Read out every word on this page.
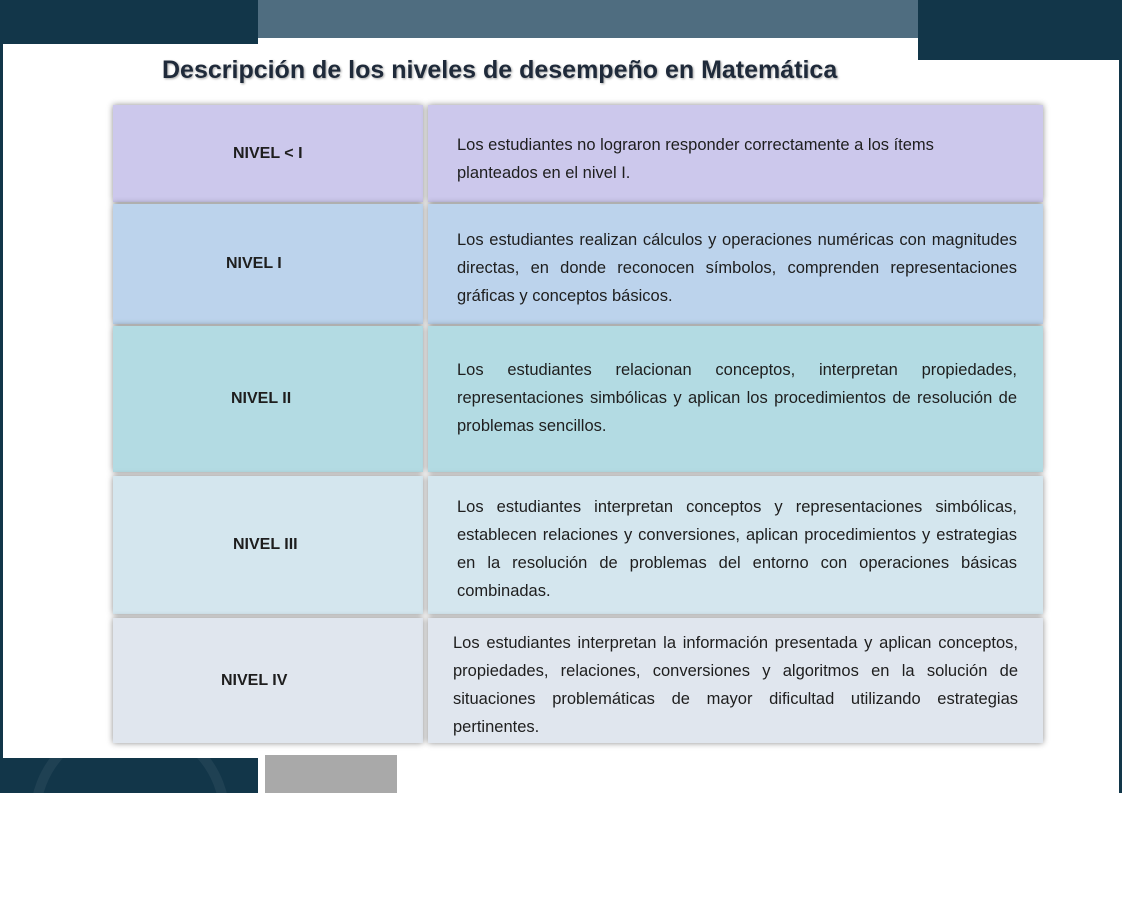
Descripción de los niveles de desempeño en Matemática
NIVEL < I	Los estudiantes no lograron responder correctamente a los ítems planteados en el nivel I.
NIVEL I
Los estudiantes realizan cálculos y operaciones numéricas con magnitudes directas, en donde reconocen símbolos, comprenden representaciones gráficas y conceptos básicos.
NIVEL II
Los estudiantes relacionan conceptos, interpretan propiedades, representaciones simbólicas y aplican los procedimientos de resolución de problemas sencillos.
NIVEL III
Los estudiantes interpretan conceptos y representaciones simbólicas, establecen relaciones y conversiones, aplican procedimientos y estrategias en la resolución de problemas del entorno con operaciones básicas combinadas.
NIVEL IV
Los estudiantes interpretan la información presentada y aplican conceptos, propiedades, relaciones, conversiones y algoritmos en la solución de situaciones problemáticas de mayor dificultad utilizando estrategias pertinentes.
